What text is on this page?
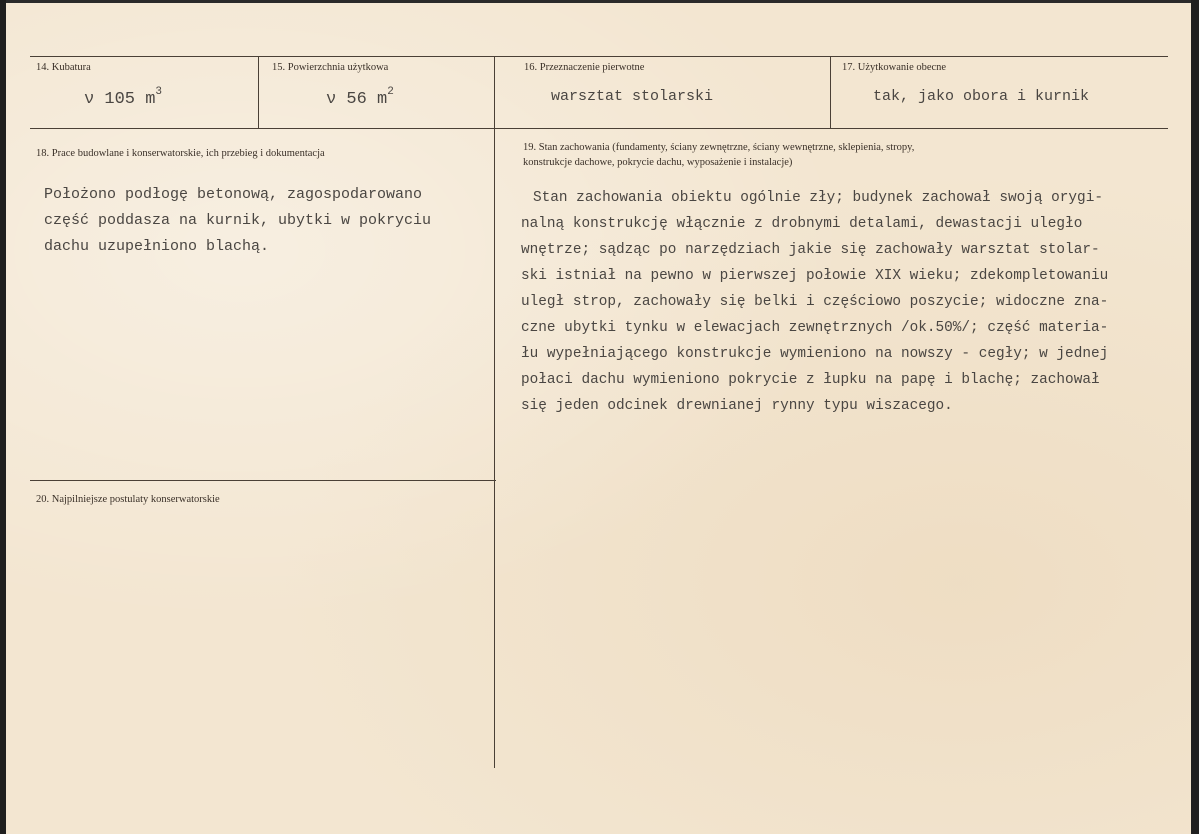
14. Kubatura
ν 105 $m^3$
15. Powierzchnia użytkowa
ν 56 $m^2$
16. Przeznaczenie pierwotne
warsztat stolarski
17. Użytkowanie obecne
tak, jako obora i kurnik
18. Prace budowlane i konserwatorskie, ich przebieg i dokumentacja
Położono podłogę betonową, zagospodarowano
część poddasza na kurnik, ubytki w pokryciu
dachu uzupełniono blachą.
19. Stan zachowania (fundamenty, ściany zewnętrzne, ściany wewnętrzne, sklepienia, stropy,
konstrukcje dachowe, pokrycie dachu, wyposażenie i instalacje)
Stan zachowania obiektu ogólnie zły; budynek zachował swoją orygi-
nalną konstrukcję włącznie z drobnymi detalami, dewastacji uległo
wnętrze; sądząc po narzędziach jakie się zachowały warsztat stolar-
ski istniał na pewno w pierwszej połowie XIX wieku; zdekompletowaniu
uległ strop, zachowały się belki i częściowo poszycie; widoczne zna-
czne ubytki tynku w elewacjach zewnętrznych /ok.50%/; część materia-
łu wypełniającego konstrukcje wymieniono na nowszy - cegły; w jednej
połaci dachu wymieniono pokrycie z łupku na papę i blachę; zachował
się jeden odcinek drewnianej rynny typu wiszacego.
20. Najpilniejsze postulaty konserwatorskie
